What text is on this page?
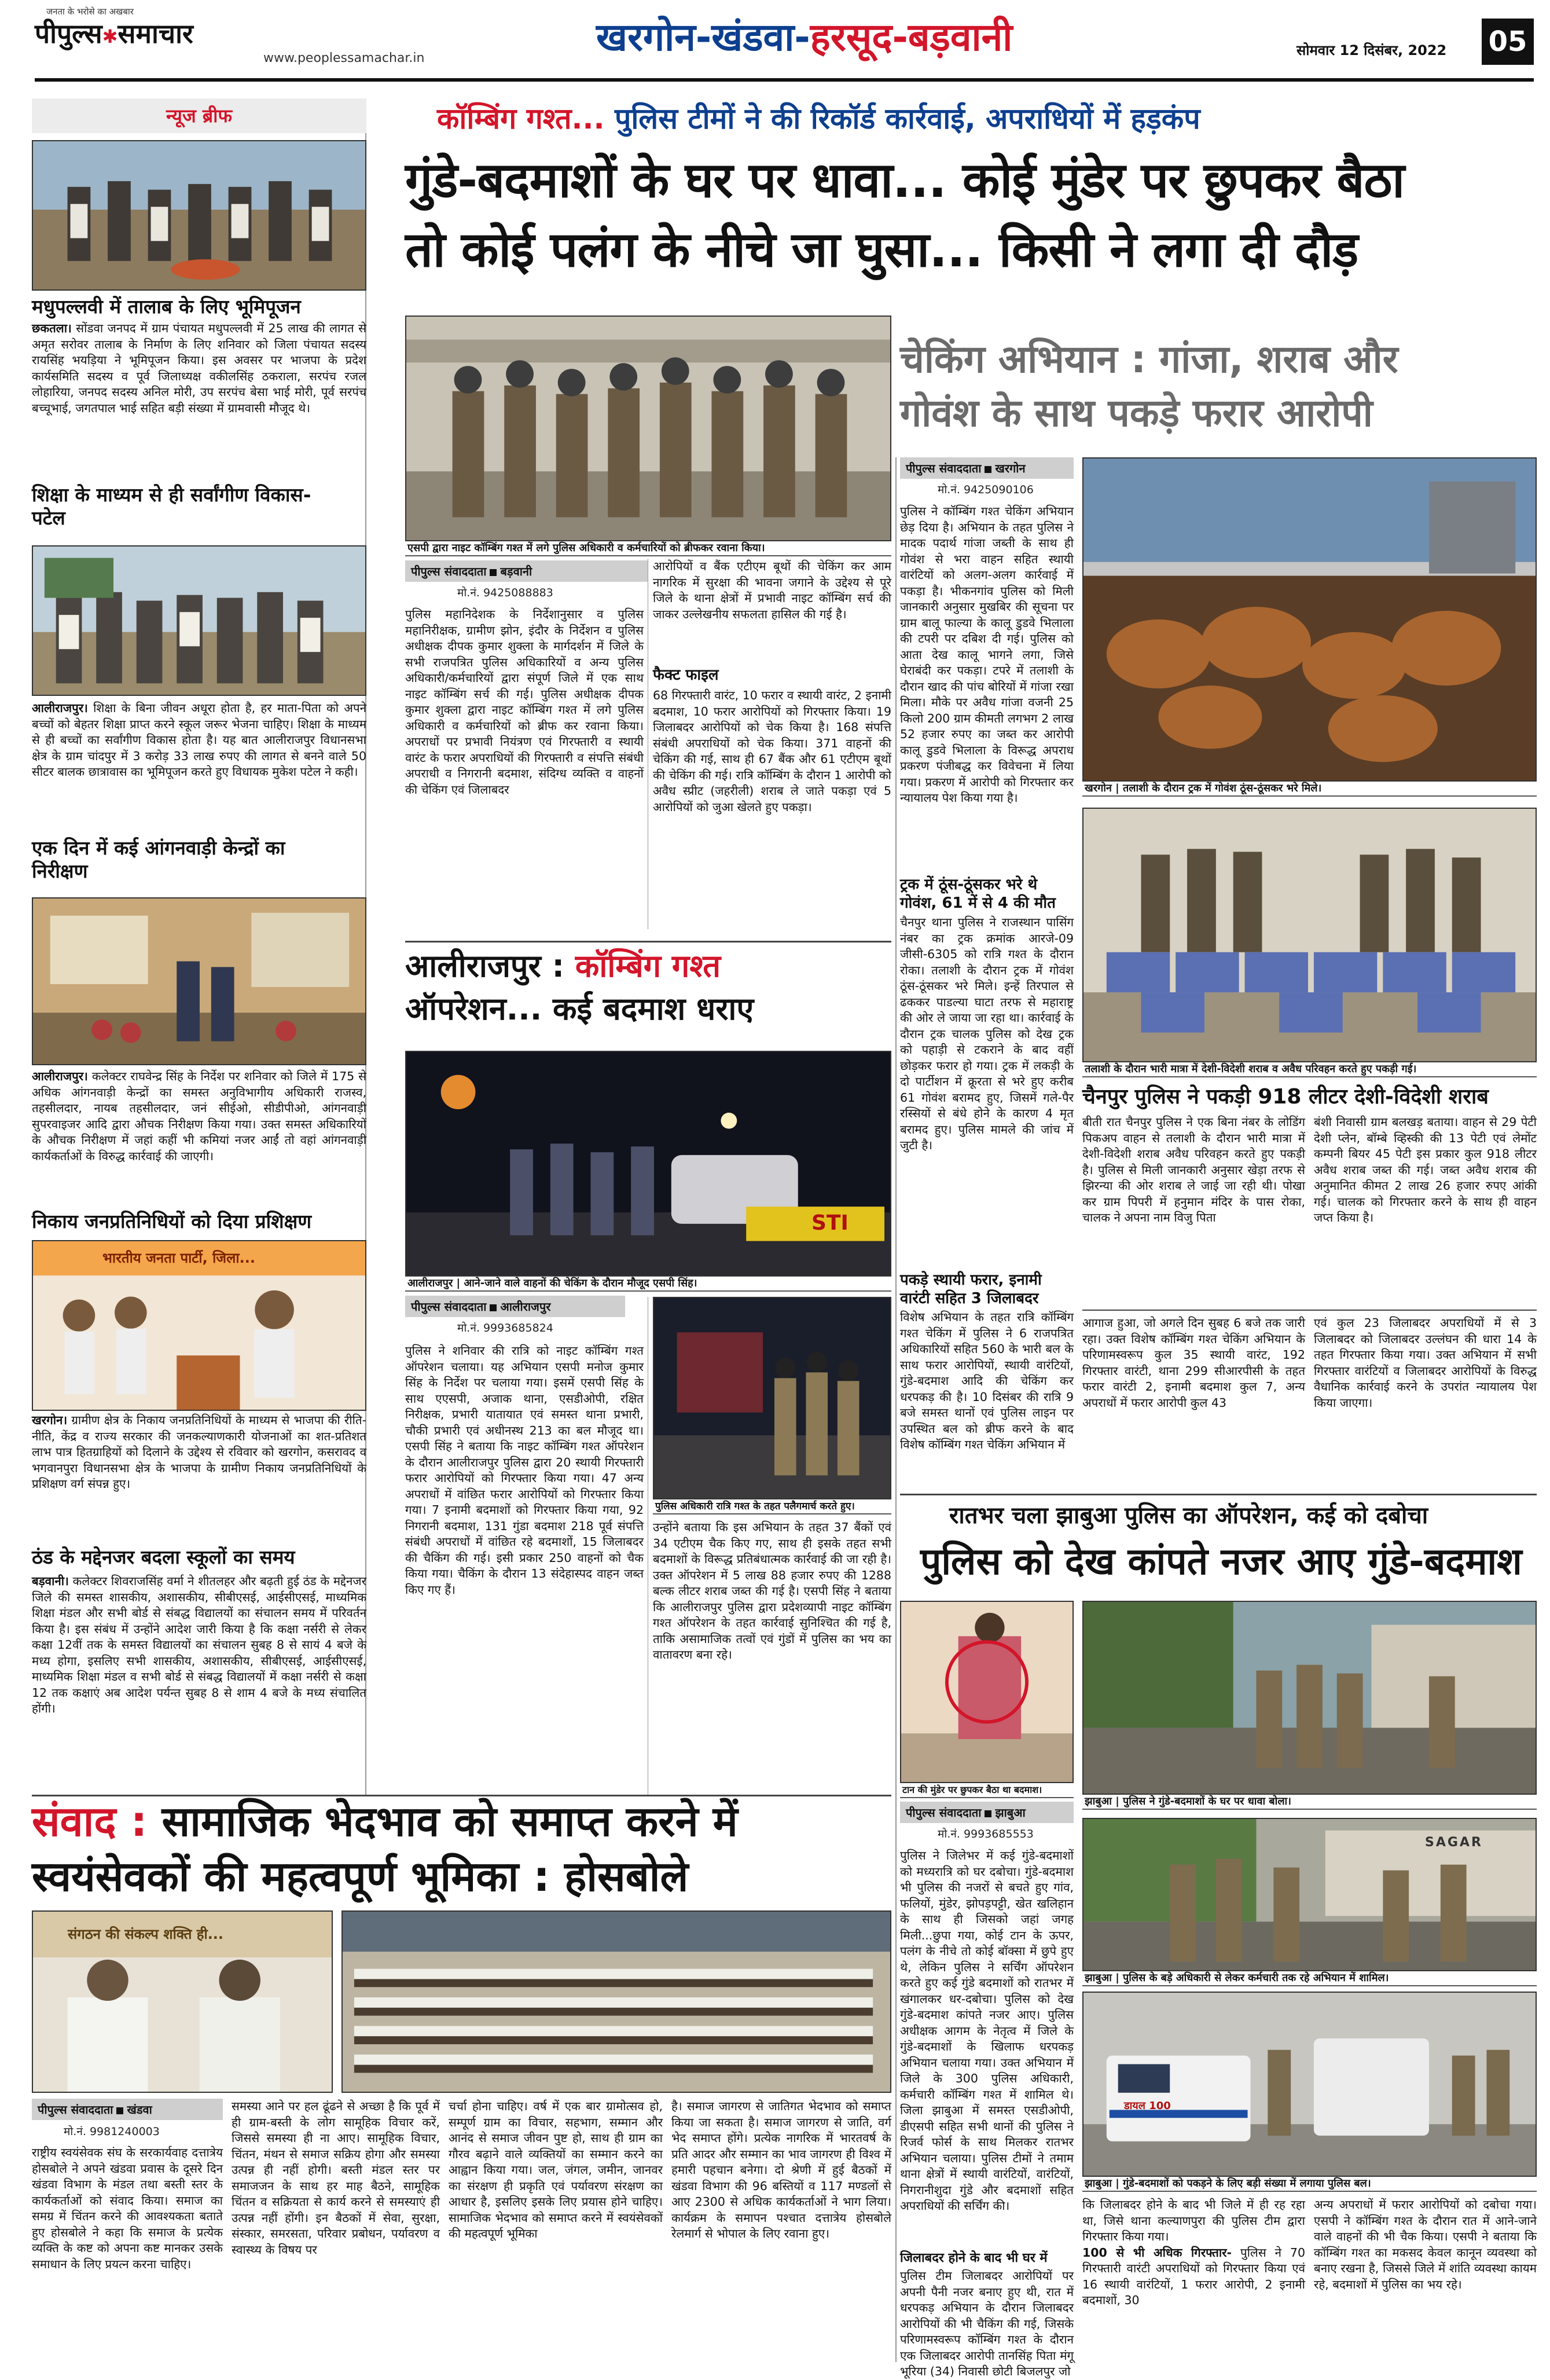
जनता के भरोसे का अखबार
पीपुल्स✱समाचार
www.peoplessamachar.in	खरगोन-खंडवा-हरसूद-बड़वानी	सोमवार 12 दिसंबर, 2022 05
न्यूज ब्रीफ
मधुपल्लवी में तालाब के लिए भूमिपूजन
छकतला। सोंडवा जनपद में ग्राम पंचायत मधुपल्लवी में 25 लाख की लागत से अमृत सरोवर तालाब के निर्माण के लिए शनिवार को जिला पंचायत सदस्य रायसिंह भयड़िया ने भूमिपूजन किया। इस अवसर पर भाजपा के प्रदेश कार्यसमिति सदस्य व पूर्व जिलाध्यक्ष वकीलसिंह ठकराला, सरपंच रजल लोहारिया, जनपद सदस्य अनिल मोरी, उप सरपंच बेसा भाई मोरी, पूर्व सरपंच बच्चूभाई, जगतपाल भाई सहित बड़ी संख्या में ग्रामवासी मौजूद थे।
शिक्षा के माध्यम से ही सर्वांगीण विकास-पटेल
आलीराजपुर। शिक्षा के बिना जीवन अधूरा होता है, हर माता-पिता को अपने बच्चों को बेहतर शिक्षा प्राप्त करने स्कूल जरूर भेजना चाहिए। शिक्षा के माध्यम से ही बच्चों का सर्वांगीण विकास होता है। यह बात आलीराजपुर विधानसभा क्षेत्र के ग्राम चांदपुर में 3 करोड़ 33 लाख रुपए की लागत से बनने वाले 50 सीटर बालक छात्रावास का भूमिपूजन करते हुए विधायक मुकेश पटेल ने कही।
एक दिन में कई आंगनवाड़ी केन्द्रों का निरीक्षण
आलीराजपुर। कलेक्टर राघवेन्द्र सिंह के निर्देश पर शनिवार को जिले में 175 से अधिक आंगनवाड़ी केन्द्रों का समस्त अनुविभागीय अधिकारी राजस्व, तहसीलदार, नायब तहसीलदार, जनं सीईओ, सीडीपीओ, आंगनवाड़ी सुपरवाइजर आदि द्वारा औचक निरीक्षण किया गया। उक्त समस्त अधिकारियों के औचक निरीक्षण में जहां कहीं भी कमियां नजर आईं तो वहां आंगनवाड़ी कार्यकर्ताओं के विरुद्ध कार्रवाई की जाएगी।
निकाय जनप्रतिनिधियों को दिया प्रशिक्षण
भारतीय जनता पार्टी, जिला...
खरगोन। ग्रामीण क्षेत्र के निकाय जनप्रतिनिधियों के माध्यम से भाजपा की रीति-नीति, केंद्र व राज्य सरकार की जनकल्याणकारी योजनाओं का शत-प्रतिशत लाभ पात्र हितग्राहियों को दिलाने के उद्देश्य से रविवार को खरगोन, कसरावद व भगवानपुरा विधानसभा क्षेत्र के भाजपा के ग्रामीण निकाय जनप्रतिनिधियों के प्रशिक्षण वर्ग संपन्न हुए।
ठंड के मद्देनजर बदला स्कूलों का समय
बड़वानी। कलेक्टर शिवराजसिंह वर्मा ने शीतलहर और बढ़ती हुई ठंड के मद्देनजर जिले की समस्त शासकीय, अशासकीय, सीबीएसई, आईसीएसई, माध्यमिक शिक्षा मंडल और सभी बोर्ड से संबद्ध विद्यालयों का संचालन समय में परिवर्तन किया है। इस संबंध में उन्होंने आदेश जारी किया है कि कक्षा नर्सरी से लेकर कक्षा 12वीं तक के समस्त विद्यालयों का संचालन सुबह 8 से सायं 4 बजे के मध्य होगा, इसलिए सभी शासकीय, अशासकीय, सीबीएसई, आईसीएसई, माध्यमिक शिक्षा मंडल व सभी बोर्ड से संबद्ध विद्यालयों में कक्षा नर्सरी से कक्षा 12 तक कक्षाएं अब आदेश पर्यन्त सुबह 8 से शाम 4 बजे के मध्य संचालित होंगी।
कॉम्बिंग गश्त... पुलिस टीमों ने की रिकॉर्ड कार्रवाई, अपराधियों में हड़कंप
गुंडे-बदमाशों के घर पर धावा... कोई मुंडेर पर छुपकर बैठा
तो कोई पलंग के नीचे जा घुसा... किसी ने लगा दी दौड़
एसपी द्वारा नाइट कॉम्बिंग गश्त में लगे पुलिस अधिकारी व कर्मचारियों को ब्रीफकर रवाना किया।
पीपुल्स संवाददाता बड़वानी
मो.नं. 9425088883
पुलिस महानिदेशक के निर्देशानुसार व पुलिस महानिरीक्षक, ग्रामीण झोन, इंदौर के निर्देशन व पुलिस अधीक्षक दीपक कुमार शुक्ला के मार्गदर्शन में जिले के सभी राजपत्रित पुलिस अधिकारियों व अन्य पुलिस अधिकारी/कर्मचारियों द्वारा संपूर्ण जिले में एक साथ नाइट कॉम्बिंग सर्च की गई। पुलिस अधीक्षक दीपक कुमार शुक्ला द्वारा नाइट कॉम्बिंग गश्त में लगे पुलिस अधिकारी व कर्मचारियों को ब्रीफ कर रवाना किया। अपराधों पर प्रभावी नियंत्रण एवं गिरफ्तारी व स्थायी वारंट के फरार अपराधियों की गिरफ्तारी व संपत्ति संबंधी अपराधी व निगरानी बदमाश, संदिग्ध व्यक्ति व वाहनों की चेकिंग एवं जिलाबदर
आरोपियों व बैंक एटीएम बूथों की चेकिंग कर आम नागरिक में सुरक्षा की भावना जगाने के उद्देश्य से पूरे जिले के थाना क्षेत्रों में प्रभावी नाइट कॉम्बिंग सर्च की जाकर उल्लेखनीय सफलता हासिल की गई है।
फैक्ट फाइल
68 गिरफ्तारी वारंट, 10 फरार व स्थायी वारंट, 2 इनामी बदमाश, 10 फरार आरोपियों को गिरफ्तार किया। 19 जिलाबदर आरोपियों को चेक किया है। 168 संपत्ति संबंधी अपराधियों को चेक किया। 371 वाहनों की चेकिंग की गई, साथ ही 67 बैंक और 61 एटीएम बूथों की चेकिंग की गई। रात्रि कॉम्बिंग के दौरान 1 आरोपी को अवैध स्प्रीट (जहरीली) शराब ले जाते पकड़ा एवं 5 आरोपियों को जुआ खेलते हुए पकड़ा।
आलीराजपुर : कॉम्बिंग गश्त
ऑपरेशन... कई बदमाश धराए
STI
आलीराजपुर | आने-जाने वाले वाहनों की चेकिंग के दौरान मौजूद एसपी सिंह।
पीपुल्स संवाददाता आलीराजपुर
मो.नं. 9993685824
पुलिस ने शनिवार की रात्रि को नाइट कॉम्बिंग गश्त ऑपरेशन चलाया। यह अभियान एसपी मनोज कुमार सिंह के निर्देश पर चलाया गया। इसमें एसपी सिंह के साथ एएसपी, अजाक थाना, एसडीओपी, रक्षित निरीक्षक, प्रभारी यातायात एवं समस्त थाना प्रभारी, चौकी प्रभारी एवं अधीनस्थ 213 का बल मौजूद था। एसपी सिंह ने बताया कि नाइट कॉम्बिंग गश्त ऑपरेशन के दौरान आलीराजपुर पुलिस द्वारा 20 स्थायी गिरफ्तारी फरार आरोपियों को गिरफ्तार किया गया। 47 अन्य अपराधों में वांछित फरार आरोपियों को गिरफ्तार किया गया। 7 इनामी बदमाशों को गिरफ्तार किया गया, 92 निगरानी बदमाश, 131 गुंडा बदमाश 218 पूर्व संपत्ति संबंधी अपराधों में वांछित रहे बदमाशों, 15 जिलाबदर की चैकिंग की गई। इसी प्रकार 250 वाहनों को चैक किया गया। चैकिंग के दौरान 13 संदेहास्पद वाहन जब्त किए गए हैं।
पुलिस अधिकारी रात्रि गश्त के तहत पलैगमार्च करते हुए।
उन्होंने बताया कि इस अभियान के तहत 37 बैंकों एवं 34 एटीएम चैक किए गए, साथ ही इसके तहत सभी बदमाशों के विरूद्ध प्रतिबंधात्मक कार्रवाई की जा रही है। उक्त ऑपरेशन में 5 लाख 88 हजार रुपए की 1288 बल्क लीटर शराब जब्त की गई है। एसपी सिंह ने बताया कि आलीराजपुर पुलिस द्वारा प्रदेशव्यापी नाइट कॉम्बिंग गश्त ऑपरेशन के तहत कार्रवाई सुनिश्चित की गई है, ताकि असामाजिक तत्वों एवं गुंडों में पुलिस का भय का वातावरण बना रहे।
चेकिंग अभियान : गांजा, शराब और
गोवंश के साथ पकड़े फरार आरोपी
पीपुल्स संवाददाता खरगोन
मो.नं. 9425090106
पुलिस ने कॉम्बिंग गश्त चेकिंग अभियान छेड़ दिया है। अभियान के तहत पुलिस ने मादक पदार्थ गांजा जब्ती के साथ ही गोवंश से भरा वाहन सहित स्थायी वारंटियों को अलग-अलग कार्रवाई में पकड़ा है। भीकनगांव पुलिस को मिली जानकारी अनुसार मुखबिर की सूचना पर ग्राम बालू फाल्या के कालू डुडवे भिलाला की टपरी पर दबिश दी गई। पुलिस को आता देख कालू भागने लगा, जिसे घेराबंदी कर पकड़ा। टपरे में तलाशी के दौरान खाद की पांच बोरियों में गांजा रखा मिला। मौके पर अवैध गांजा वजनी 25 किलो 200 ग्राम कीमती लगभग 2 लाख 52 हजार रुपए का जब्त कर आरोपी कालू डुडवे भिलाला के विरूद्ध अपराध प्रकरण पंजीबद्ध कर विवेचना में लिया गया। प्रकरण में आरोपी को गिरफ्तार कर न्यायालय पेश किया गया है।
ट्रक में ठूंस-ठूंसकर भरे थे गोवंश, 61 में से 4 की मौत
चैनपुर थाना पुलिस ने राजस्थान पासिंग नंबर का ट्रक क्रमांक आरजे-09 जीसी-6305 को रात्रि गश्त के दौरान रोका। तलाशी के दौरान ट्रक में गोवंश ठूंस-ठूंसकर भरे मिले। इन्हें तिरपाल से ढककर पाडल्या घाटा तरफ से महाराष्ट्र की ओर ले जाया जा रहा था। कार्रवाई के दौरान ट्रक चालक पुलिस को देख ट्रक को पहाड़ी से टकराने के बाद वहीं छोड़कर फरार हो गया। ट्रक में लकड़ी के दो पार्टीशन में क्रूरता से भरे हुए करीब 61 गोवंश बरामद हुए, जिसमें गले-पैर रस्सियों से बंधे होने के कारण 4 मृत बरामद हुए। पुलिस मामले की जांच में जुटी है।
पकड़े स्थायी फरार, इनामी वारंटी सहित 3 जिलाबदर
विशेष अभियान के तहत रात्रि कॉम्बिंग गश्त चेकिंग में पुलिस ने 6 राजपत्रित अधिकारियों सहित 560 के भारी बल के साथ फरार आरोपियों, स्थायी वारंटियों, गुंडे-बदमाश आदि की चेकिंग कर धरपकड़ की है। 10 दिसंबर की रात्रि 9 बजे समस्त थानों एवं पुलिस लाइन पर उपस्थित बल को ब्रीफ करने के बाद विशेष कॉम्बिंग गश्त चेकिंग अभियान में
खरगोन | तलाशी के दौरान ट्रक में गोवंश ठूंस-ठूंसकर भरे मिले।
तलाशी के दौरान भारी मात्रा में देशी-विदेशी शराब व अवैध परिवहन करते हुए पकड़ी गई।
चैनपुर पुलिस ने पकड़ी 918 लीटर देशी-विदेशी शराब
बीती रात चैनपुर पुलिस ने एक बिना नंबर के लोडिंग पिकअप वाहन से तलाशी के दौरान भारी मात्रा में देशी-विदेशी शराब अवैध परिवहन करते हुए पकड़ी है। पुलिस से मिली जानकारी अनुसार खेड़ा तरफ से झिरन्या की ओर शराब ले जाई जा रही थी। पोखा कर ग्राम पिपरी में हनुमान मंदिर के पास रोका, चालक ने अपना नाम विजु पिता
बंशी निवासी ग्राम बलखड़ बताया। वाहन से 29 पेटी देशी प्लेन, बॉम्बे व्हिस्की की 13 पेटी एवं लेमोंट कम्पनी बियर 45 पेटी इस प्रकार कुल 918 लीटर अवैध शराब जब्त की गई। जब्त अवैध शराब की अनुमानित कीमत 2 लाख 26 हजार रुपए आंकी गई। चालक को गिरफ्तार करने के साथ ही वाहन जप्त किया है।
आगाज हुआ, जो अगले दिन सुबह 6 बजे तक जारी रहा। उक्त विशेष कॉम्बिंग गश्त चेकिंग अभियान के परिणामस्वरूप कुल 35 स्थायी वारंट, 192 गिरफ्तार वारंटी, थाना 299 सीआरपीसी के तहत फरार वारंटी 2, इनामी बदमाश कुल 7, अन्य अपराधों में फरार आरोपी कुल 43
एवं कुल 23 जिलाबदर अपराधियों में से 3 जिलाबदर को जिलाबदर उल्लंघन की धारा 14 के तहत गिरफ्तार किया गया। उक्त अभियान में सभी गिरफ्तार वारंटियों व जिलाबदर आरोपियों के विरुद्ध वैधानिक कार्रवाई करने के उपरांत न्यायालय पेश किया जाएगा।
रातभर चला झाबुआ पुलिस का ऑपरेशन, कई को दबोचा
पुलिस को देख कांपते नजर आए गुंडे-बदमाश
टान की मुंडेर पर छुपकर बैठा था बदमाश।
झाबुआ | पुलिस ने गुंडे-बदमाशों के घर पर धावा बोला।
पीपुल्स संवाददाता झाबुआ
मो.नं. 9993685553
पुलिस ने जिलेभर में कई गुंडे-बदमाशों को मध्यरात्रि को घर दबोचा। गुंडे-बदमाश भी पुलिस की नजरों से बचते हुए गांव, फलियों, मुंडेर, झोपड़पट्टी, खेत खलिहान के साथ ही जिसको जहां जगह मिली...छुपा गया, कोई टान के ऊपर, पलंग के नीचे तो कोई बॉक्सा में छुपे हुए थे, लेकिन पुलिस ने सर्चिंग ऑपरेशन करते हुए कई गुंडे बदमाशों को रातभर में खंगालकर धर-दबोचा। पुलिस को देख गुंडे-बदमाश कांपते नजर आए। पुलिस अधीक्षक आगम के नेतृत्व में जिले के गुंडे-बदमाशों के खिलाफ धरपकड़ अभियान चलाया गया। उक्त अभियान में जिले के 300 पुलिस अधिकारी, कर्मचारी कॉम्बिंग गश्त में शामिल थे। जिला झाबुआ में समस्त एसडीओपी, डीएसपी सहित सभी थानों की पुलिस ने रिजर्व फोर्स के साथ मिलकर रातभर अभियान चलाया। पुलिस टीमों ने तमाम थाना क्षेत्रों में स्थायी वारंटियों, वारंटियों, निगरानीशुदा गुंडे और बदमाशों सहित अपराधियों की सर्चिंग की।
जिलाबदर होने के बाद भी घर में
पुलिस टीम जिलाबदर आरोपियों पर अपनी पैनी नजर बनाए हुए थी, रात में धरपकड़ अभियान के दौरान जिलाबदर आरोपियों की भी चैकिंग की गई, जिसके परिणामस्वरूप कॉम्बिंग गश्त के दौरान एक जिलाबदर आरोपी तानसिंह पिता मंगू भूरिया (34) निवासी छोटी बिजलपुर जो
SAGAR
झाबुआ | पुलिस के बड़े अधिकारी से लेकर कर्मचारी तक रहे अभियान में शामिल।
डायल 100
झाबुआ | गुंडे-बदमाशों को पकड़ने के लिए बड़ी संख्या में लगाया पुलिस बल।
कि जिलाबदर होने के बाद भी जिले में ही रह रहा था, जिसे थाना कल्याणपुरा की पुलिस टीम द्वारा गिरफ्तार किया गया।
100 से भी अधिक गिरफ्तार- पुलिस ने 70 गिरफ्तारी वारंटी अपराधियों को गिरफ्तार किया एवं 16 स्थायी वारंटियों, 1 फरार आरोपी, 2 इनामी बदमाशों, 30
अन्य अपराधों में फरार आरोपियों को दबोचा गया। एसपी ने कॉम्बिंग गश्त के दौरान रात में आने-जाने वाले वाहनों की भी चैक किया। एसपी ने बताया कि कॉम्बिंग गश्त का मकसद केवल कानून व्यवस्था को बनाए रखना है, जिससे जिले में शांति व्यवस्था कायम रहे, बदमाशों में पुलिस का भय रहे।
संवाद : सामाजिक भेदभाव को समाप्त करने में
स्वयंसेवकों की महत्वपूर्ण भूमिका : होसबोले
संगठन की संकल्प शक्ति ही...
पीपुल्स संवाददाता खंडवा
मो.नं. 9981240003
राष्ट्रीय स्वयंसेवक संघ के सरकार्यवाह दत्तात्रेय होसबोले ने अपने खंडवा प्रवास के दूसरे दिन खंडवा विभाग के मंडल तथा बस्ती स्तर के कार्यकर्ताओं को संवाद किया। समाज का समग्र में चिंतन करने की आवश्यकता बताते हुए होसबोले ने कहा कि समाज के प्रत्येक व्यक्ति के कष्ट को अपना कष्ट मानकर उसके समाधान के लिए प्रयत्न करना चाहिए।
समस्या आने पर हल ढूंढने से अच्छा है कि पूर्व में ही ग्राम-बस्ती के लोग सामूहिक विचार करें, जिससे समस्या ही ना आए। सामूहिक विचार, चिंतन, मंथन से समाज सक्रिय होगा और समस्या उत्पन्न ही नहीं होगी। बस्ती मंडल स्तर पर समाजजन के साथ हर माह बैठने, सामूहिक चिंतन व सक्रियता से कार्य करने से समस्याएं ही उत्पन्न नहीं होंगी। इन बैठकों में सेवा, सुरक्षा, संस्कार, समरसता, परिवार प्रबोधन, पर्यावरण व स्वास्थ्य के विषय पर
चर्चा होना चाहिए। वर्ष में एक बार ग्रामोत्सव हो, सम्पूर्ण ग्राम का विचार, सहभाग, सम्मान और आनंद से समाज जीवन पुष्ट हो, साथ ही ग्राम का गौरव बढ़ाने वाले व्यक्तियों का सम्मान करने का आह्वान किया गया। जल, जंगल, जमीन, जानवर का संरक्षण ही प्रकृति एवं पर्यावरण संरक्षण का आधार है, इसलिए इसके लिए प्रयास होने चाहिए। सामाजिक भेदभाव को समाप्त करने में स्वयंसेवकों की महत्वपूर्ण भूमिका
है। समाज जागरण से जातिगत भेदभाव को समाप्त किया जा सकता है। समाज जागरण से जाति, वर्ग भेद समाप्त होंगे। प्रत्येक नागरिक में भारतवर्ष के प्रति आदर और सम्मान का भाव जागरण ही विश्व में हमारी पहचान बनेगा। दो श्रेणी में हुई बैठकों में खंडवा विभाग की 96 बस्तियों व 117 मण्डलों से आए 2300 से अधिक कार्यकर्ताओं ने भाग लिया। कार्यक्रम के समापन पश्चात दत्तात्रेय होसबोले रेलमार्ग से भोपाल के लिए रवाना हुए।
